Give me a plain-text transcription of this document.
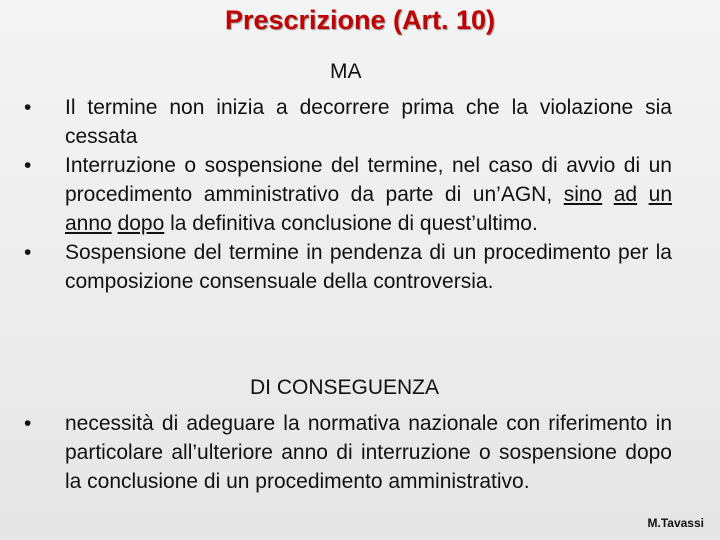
Prescrizione (Art. 10)
MA
•	Il termine non inizia a decorrere prima che la violazione sia cessata
•	Interruzione o sospensione del termine, nel caso di avvio di un procedimento amministrativo da parte di un’AGN, sino ad un anno dopo la definitiva conclusione di quest’ultimo.
•	Sospensione del termine in pendenza di un procedimento per la composizione consensuale della controversia.
DI CONSEGUENZA
•	necessità di adeguare la normativa nazionale con riferimento in particolare all’ulteriore anno di interruzione o sospensione dopo la conclusione di un procedimento amministrativo.
M.Tavassi
